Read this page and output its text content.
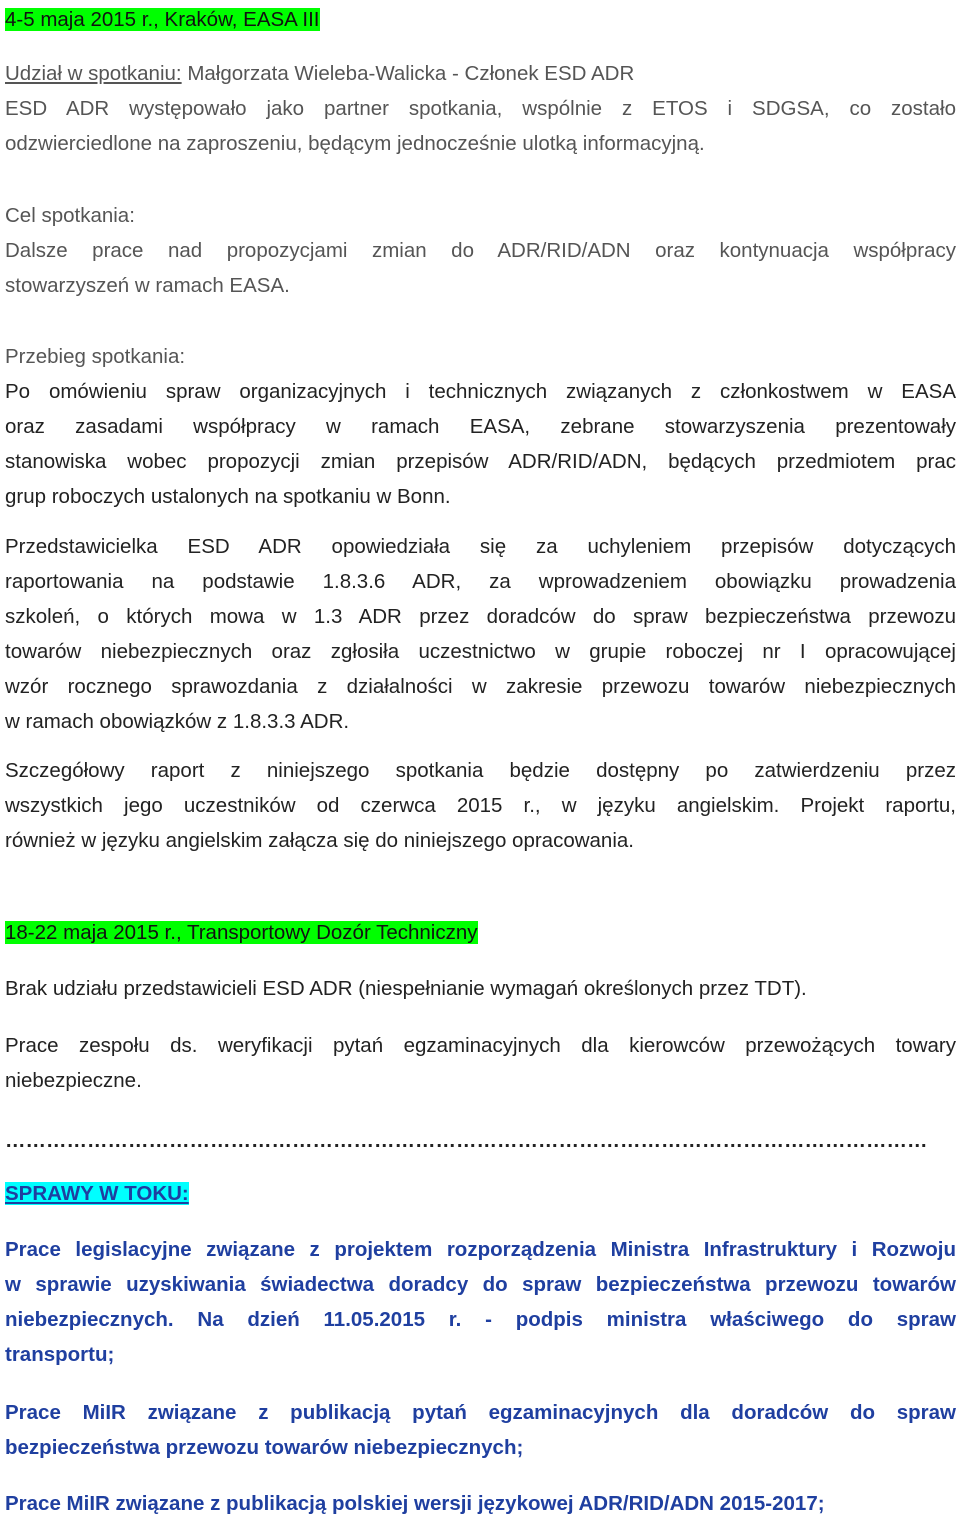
4-5 maja 2015 r., Kraków, EASA III
Udział w spotkaniu: Małgorzata Wieleba-Walicka - Członek ESD ADR
ESD ADR występowało jako partner spotkania, wspólnie z ETOS i SDGSA, co zostało
odzwierciedlone na zaproszeniu, będącym jednocześnie ulotką informacyjną.
Cel spotkania:
Dalsze prace nad propozycjami zmian do ADR/RID/ADN oraz kontynuacja współpracy
stowarzyszeń w ramach EASA.
Przebieg spotkania:
Po omówieniu spraw organizacyjnych i technicznych związanych z członkostwem w EASA
oraz zasadami współpracy w ramach EASA, zebrane stowarzyszenia prezentowały
stanowiska wobec propozycji zmian przepisów ADR/RID/ADN, będących przedmiotem prac
grup roboczych ustalonych na spotkaniu w Bonn.
Przedstawicielka ESD ADR opowiedziała się za uchyleniem przepisów dotyczących
raportowania na podstawie 1.8.3.6 ADR, za wprowadzeniem obowiązku prowadzenia
szkoleń, o których mowa w 1.3 ADR przez doradców do spraw bezpieczeństwa przewozu
towarów niebezpiecznych oraz zgłosiła uczestnictwo w grupie roboczej nr I opracowującej
wzór rocznego sprawozdania z działalności w zakresie przewozu towarów niebezpiecznych
w ramach obowiązków z 1.8.3.3 ADR.
Szczegółowy raport z niniejszego spotkania będzie dostępny po zatwierdzeniu przez
wszystkich jego uczestników od czerwca 2015 r., w języku angielskim. Projekt raportu,
również w języku angielskim załącza się do niniejszego opracowania.
18-22 maja 2015 r., Transportowy Dozór Techniczny
Brak udziału przedstawicieli ESD ADR (niespełnianie wymagań określonych przez TDT).
Prace zespołu ds. weryfikacji pytań egzaminacyjnych dla kierowców przewożących towary
niebezpieczne.
………………………………………………………………………………………………………………………
SPRAWY W TOKU:
Prace legislacyjne związane z projektem rozporządzenia Ministra Infrastruktury i Rozwoju
w sprawie uzyskiwania świadectwa doradcy do spraw bezpieczeństwa przewozu towarów
niebezpiecznych. Na dzień 11.05.2015 r. - podpis ministra właściwego do spraw
transportu;
Prace MiIR związane z publikacją pytań egzaminacyjnych dla doradców do spraw
bezpieczeństwa przewozu towarów niebezpiecznych;
Prace MiIR związane z publikacją polskiej wersji językowej ADR/RID/ADN 2015-2017;
